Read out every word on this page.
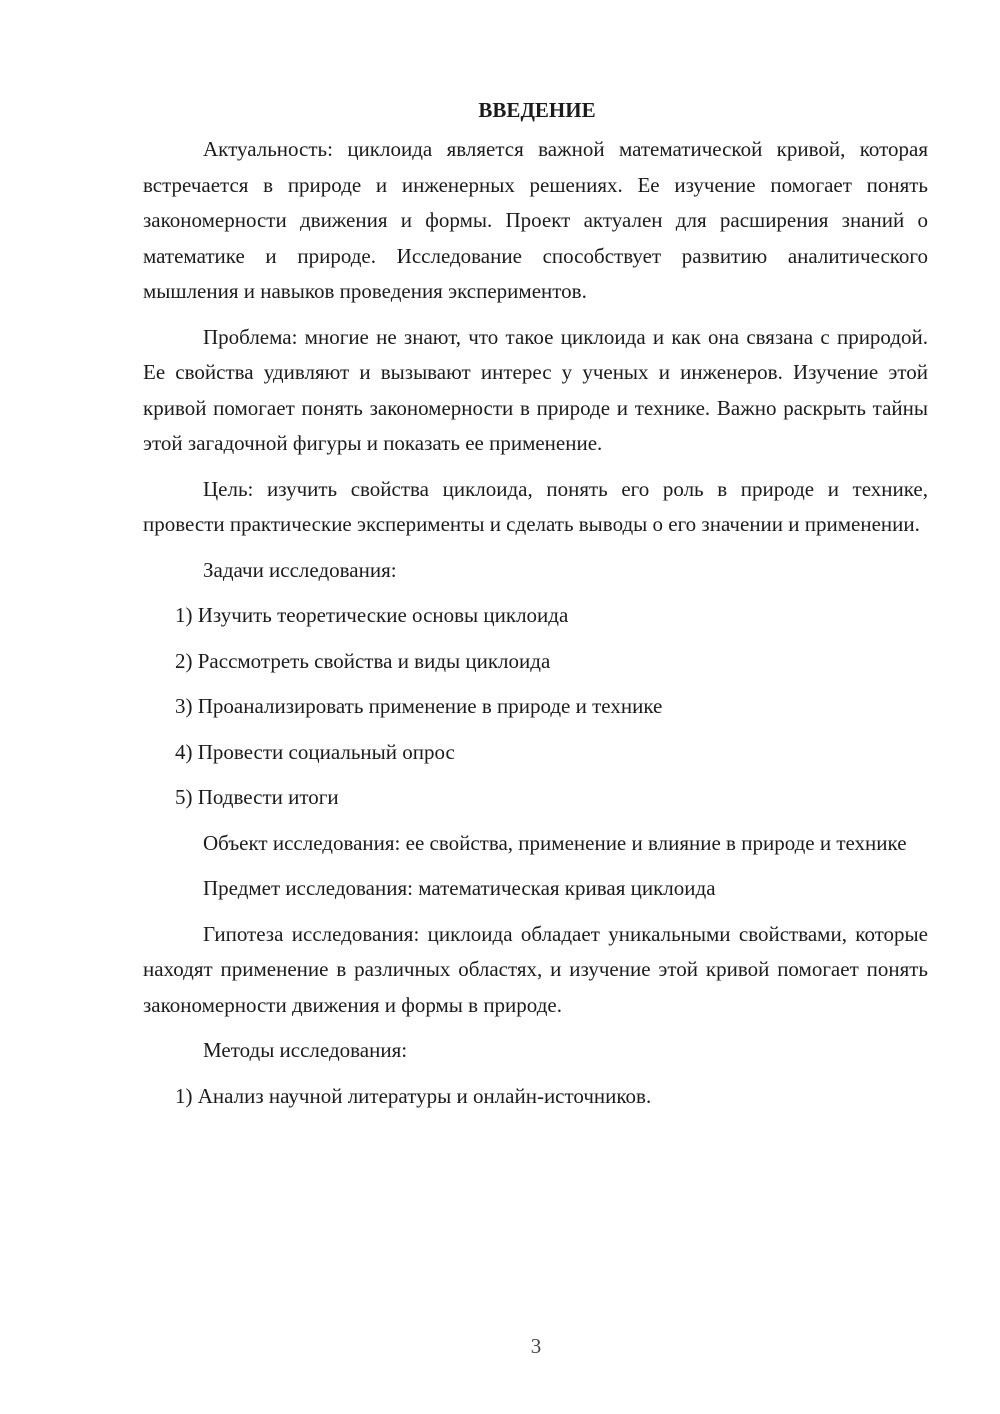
ВВЕДЕНИЕ

Актуальность: циклоида является важной математической кривой, которая встречается в природе и инженерных решениях. Ее изучение помогает понять закономерности движения и формы. Проект актуален для расширения знаний о математике и природе. Исследование способствует развитию аналитического мышления и навыков проведения экспериментов.

Проблема: многие не знают, что такое циклоида и как она связана с природой. Ее свойства удивляют и вызывают интерес у ученых и инженеров. Изучение этой кривой помогает понять закономерности в природе и технике. Важно раскрыть тайны этой загадочной фигуры и показать ее применение.

Цель: изучить свойства циклоида, понять его роль в природе и технике, провести практические эксперименты и сделать выводы о его значении и применении.

Задачи исследования:

1) Изучить теоретические основы циклоида
2) Рассмотреть свойства и виды циклоида
3) Проанализировать применение в природе и технике
4) Провести социальный опрос
5) Подвести итоги

Объект исследования: ее свойства, применение и влияние в природе и технике

Предмет исследования: математическая кривая циклоида

Гипотеза исследования: циклоида обладает уникальными свойствами, которые находят применение в различных областях, и изучение этой кривой помогает понять закономерности движения и формы в природе.

Методы исследования:

1) Анализ научной литературы и онлайн-источников.
3
